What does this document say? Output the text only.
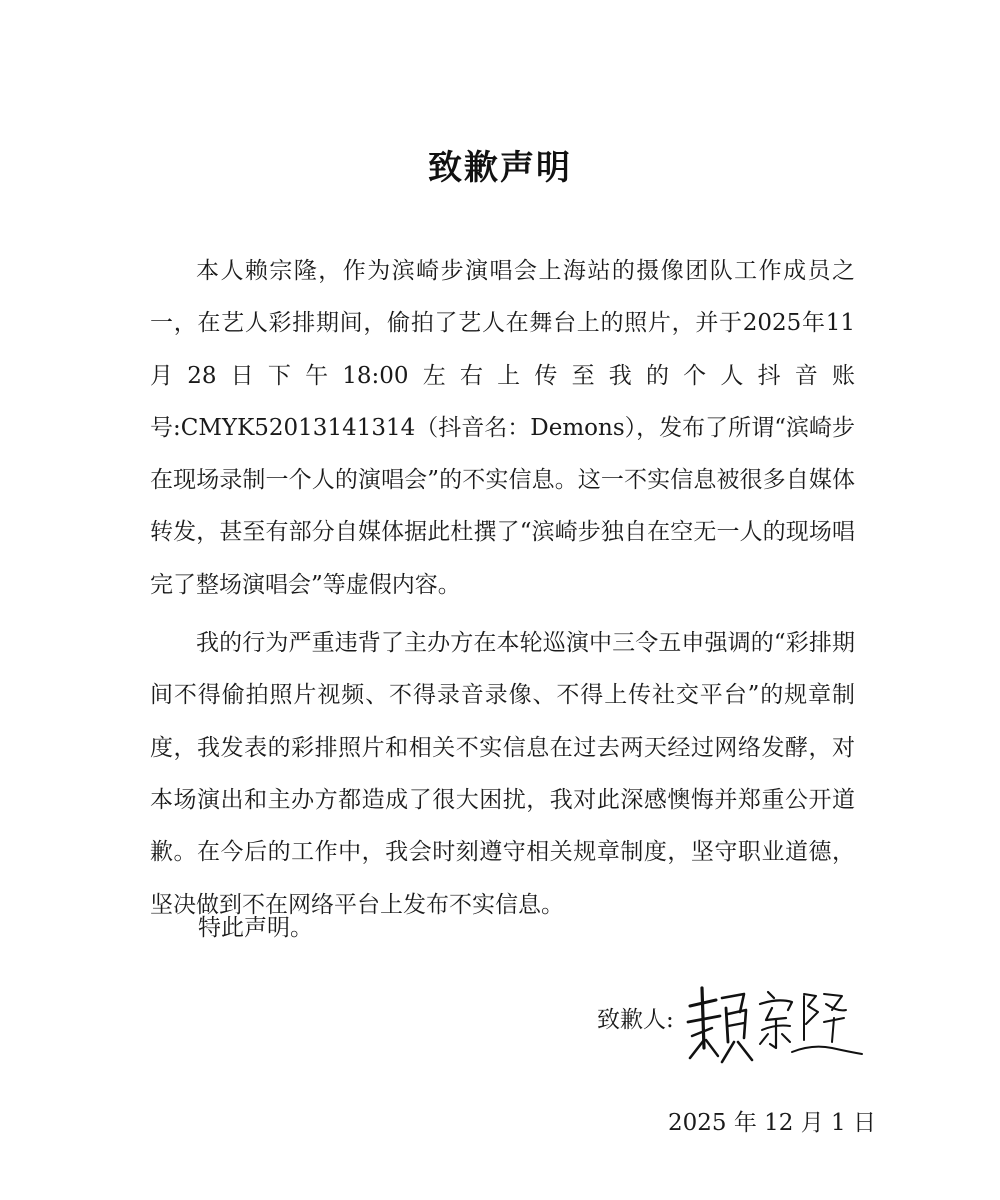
致歉声明

本人赖宗隆，作为滨崎步演唱会上海站的摄像团队工作成员之一，在艺人彩排期间，偷拍了艺人在舞台上的照片，并于2025年11月28日下午18:00左右上传至我的个人抖音账号:CMYK52013141314（抖音名：Demons），发布了所谓“滨崎步在现场录制一个人的演唱会”的不实信息。这一不实信息被很多自媒体转发，甚至有部分自媒体据此杜撰了“滨崎步独自在空无一人的现场唱完了整场演唱会”等虚假内容。

我的行为严重违背了主办方在本轮巡演中三令五申强调的“彩排期间不得偷拍照片视频、不得录音录像、不得上传社交平台”的规章制度，我发表的彩排照片和相关不实信息在过去两天经过网络发酵，对本场演出和主办方都造成了很大困扰，我对此深感懊悔并郑重公开道歉。在今后的工作中，我会时刻遵守相关规章制度，坚守职业道德，坚决做到不在网络平台上发布不实信息。

特此声明。
致歉人:
2025 年 12 月 1 日
